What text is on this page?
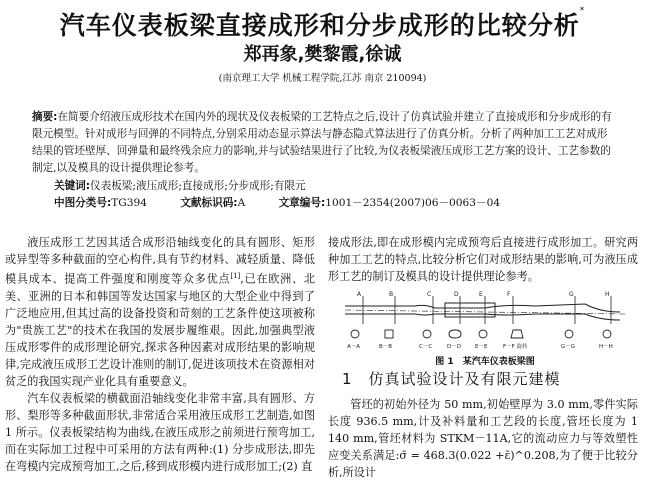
汽车仪表板梁直接成形和分步成形的比较分析*
郑再象,樊黎霞,徐诚
(南京理工大学 机械工程学院,江苏 南京 210094)
摘要:在简要介绍液压成形技术在国内外的现状及仪表板梁的工艺特点之后,设计了仿真试验并建立了直接成形和分步成形的有限元模型。针对成形与回弹的不同特点,分别采用动态显示算法与静态隐式算法进行了仿真分析。分析了两种加工工艺对成形结果的管坯壁厚、回弹量和最终残余应力的影响,并与试验结果进行了比较,为仪表板梁液压成形工艺方案的设计、工艺参数的制定,以及模具的设计提供理论参考。
关键词:仪表板梁;液压成形;直接成形;分步成形;有限元
中图分类号:TG394	文献标识码:A	文章编号:1001－2354(2007)06－0063－04

液压成形工艺因其适合成形沿轴线变化的具有圆形、矩形或异型等多种截面的空心构件,具有节约材料、减轻质量、降低模具成本、提高工件强度和刚度等众多优点[1],已在欧洲、北美、亚洲的日本和韩国等发达国家与地区的大型企业中得到了广泛地应用,但其过高的设备投资和苛刻的工艺条件使这项被称为"贵族工艺"的技术在我国的发展步履维艰。因此,加强典型液压成形零件的成形理论研究,探求各种因素对成形结果的影响规律,完成液压成形工艺设计准则的制订,促进该项技术在资源相对贫乏的我国实现产业化具有重要意义。

汽车仪表板梁的横截面沿轴线变化非常丰富,具有圆形、方形、梨形等多种截面形状,非常适合采用液压成形工艺制造,如图 1 所示。仪表板梁结构为曲线,在液压成形之前须进行预弯加工,而在实际加工过程中可采用的方法有两种:(1) 分步成形法,即先在弯模内完成预弯加工,之后,移到成形模内进行成形加工;(2) 直

接成形法,即在成形模内完成预弯后直接进行成形加工。研究两种加工工艺的特点,比较分析它们对成形结果的影响,可为液压成形工艺的制订及模具的设计提供理论参考。

A	B	C	D	E	F	G	H
A－A	B－B	C－C	D－D	E－E	F－F 旋转	G－G	H－H
图 1　某汽车仪表板梁图
1　仿真试验设计及有限元建模

管坯的初始外径为 50 mm,初始壁厚为 3.0 mm,零件实际长度 936.5 mm,计及补料量和工艺段的长度,管坯长度为 1 140 mm,管坯材料为 STKM－11A,它的流动应力与等效塑性应变关系满足:σ̄ = 468.3(0.022 +ε̄)^0.208,为了便于比较分析,所设计
